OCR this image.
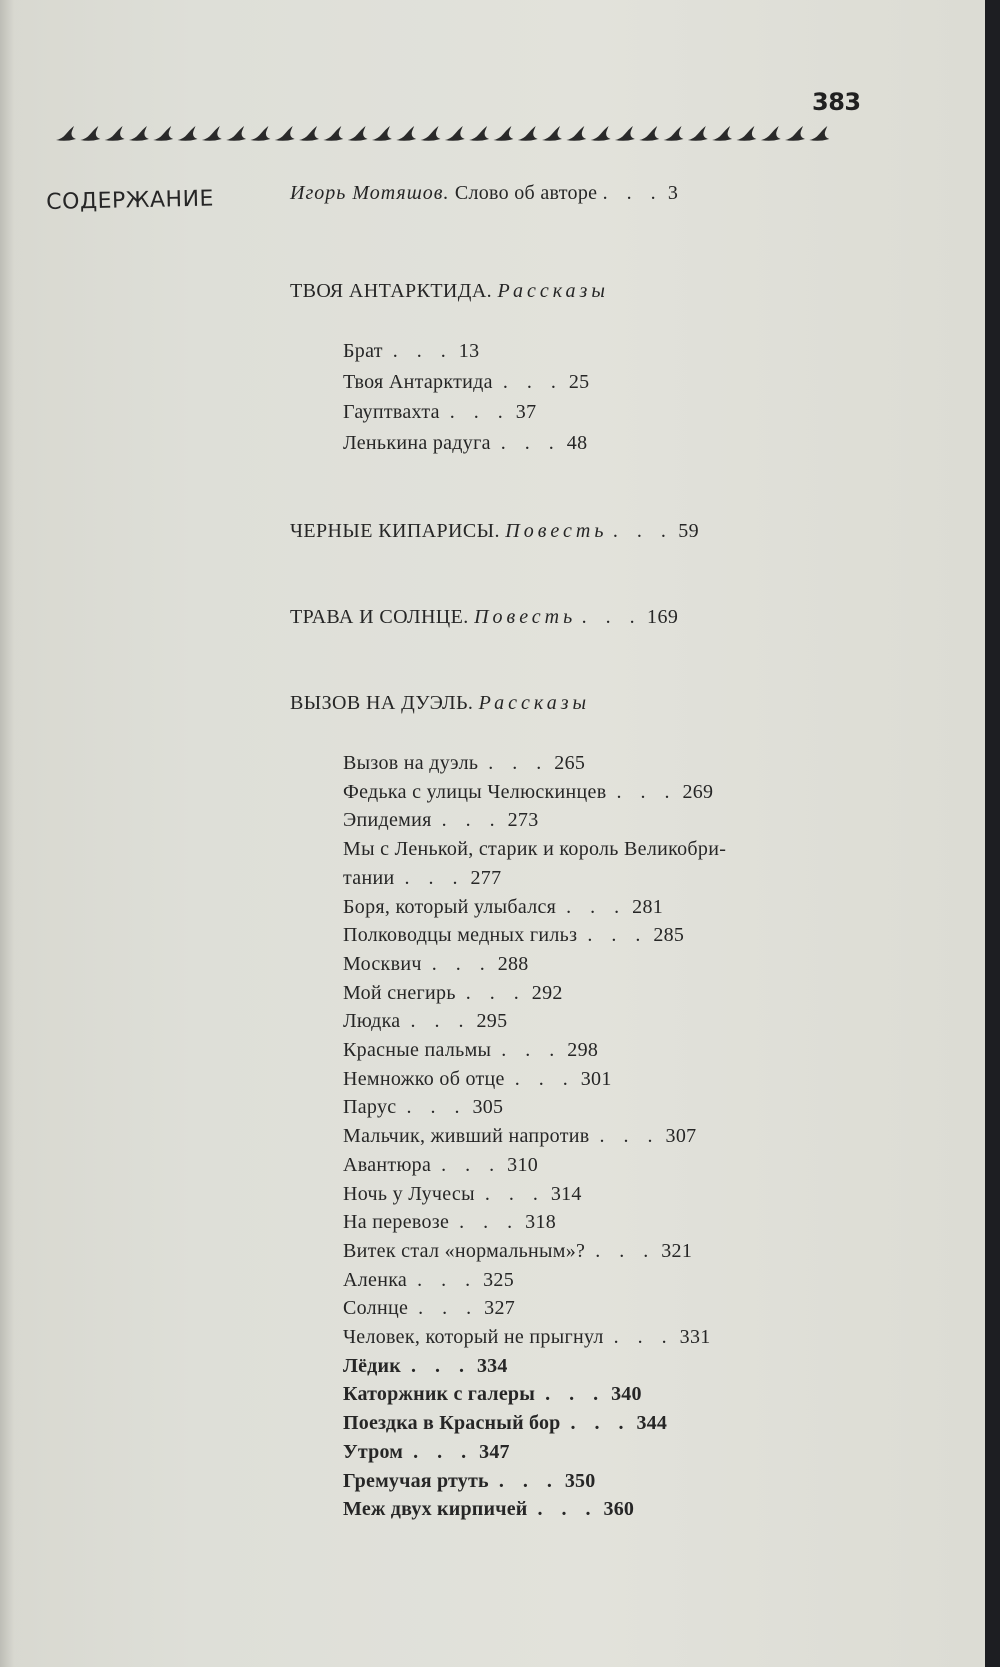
383
СОДЕРЖАНИЕ	Игорь Мотяшов. Слово об авторе . . . 3
ТВОЯ АНТАРКТИДА. Рассказы
Брат . . . 13
Твоя Антарктида . . . 25
Гауптвахта . . . 37
Ленькина радуга . . . 48
ЧЕРНЫЕ КИПАРИСЫ. Повесть . . . 59
ТРАВА И СОЛНЦЕ. Повесть . . . 169
ВЫЗОВ НА ДУЭЛЬ. Рассказы
Вызов на дуэль . . . 265
Федька с улицы Челюскинцев . . . 269
Эпидемия . . . 273
Мы с Ленькой, старик и король Великобри-
тании . . . 277
Боря, который улыбался . . . 281
Полководцы медных гильз . . . 285
Москвич . . . 288
Мой снегирь . . . 292
Людка . . . 295
Красные пальмы . . . 298
Немножко об отце . . . 301
Парус . . . 305
Мальчик, живший напротив . . . 307
Авантюра . . . 310
Ночь у Лучесы . . . 314
На перевозе . . . 318
Витек стал «нормальным»? . . . 321
Аленка . . . 325
Солнце . . . 327
Человек, который не прыгнул . . . 331
Лёдик . . . 334
Каторжник с галеры . . . 340
Поездка в Красный бор . . . 344
Утром . . . 347
Гремучая ртуть . . . 350
Меж двух кирпичей . . . 360
